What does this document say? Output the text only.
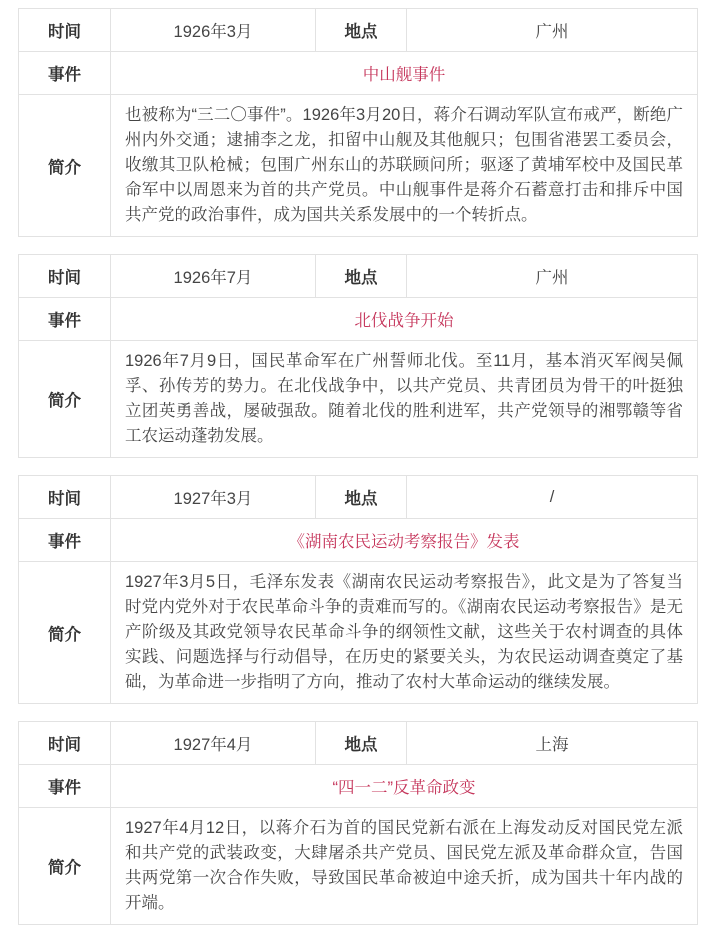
时间	1926年3月	地点	广州
事件	中山舰事件		
简介	也被称为“三二〇事件”。1926年3月20日，蒋介石调动军队宣布戒严，断绝广州内外交通；逮捕李之龙，扣留中山舰及其他舰只；包围省港罢工委员会，收缴其卫队枪械；包围广州东山的苏联顾问所；驱逐了黄埔军校中及国民革命军中以周恩来为首的共产党员。中山舰事件是蒋介石蓄意打击和排斥中国共产党的政治事件，成为国共关系发展中的一个转折点。		
时间	1926年7月	地点	广州
事件	北伐战争开始		
简介	1926年7月9日，国民革命军在广州誓师北伐。至11月，基本消灭军阀吴佩孚、孙传芳的势力。在北伐战争中，以共产党员、共青团员为骨干的叶挺独立团英勇善战，屡破强敌。随着北伐的胜利进军，共产党领导的湘鄂赣等省工农运动蓬勃发展。		
时间	1927年3月	地点	/
事件	《湖南农民运动考察报告》发表		
简介	1927年3月5日，毛泽东发表《湖南农民运动考察报告》，此文是为了答复当时党内党外对于农民革命斗争的责难而写的。《湖南农民运动考察报告》是无产阶级及其政党领导农民革命斗争的纲领性文献，这些关于农村调查的具体实践、问题选择与行动倡导，在历史的紧要关头，为农民运动调查奠定了基础，为革命进一步指明了方向，推动了农村大革命运动的继续发展。		
时间	1927年4月	地点	上海
事件	“四一二”反革命政变		
简介	1927年4月12日，以蒋介石为首的国民党新右派在上海发动反对国民党左派和共产党的武装政变，大肆屠杀共产党员、国民党左派及革命群众宣，告国共两党第一次合作失败，导致国民革命被迫中途夭折，成为国共十年内战的开端。		
